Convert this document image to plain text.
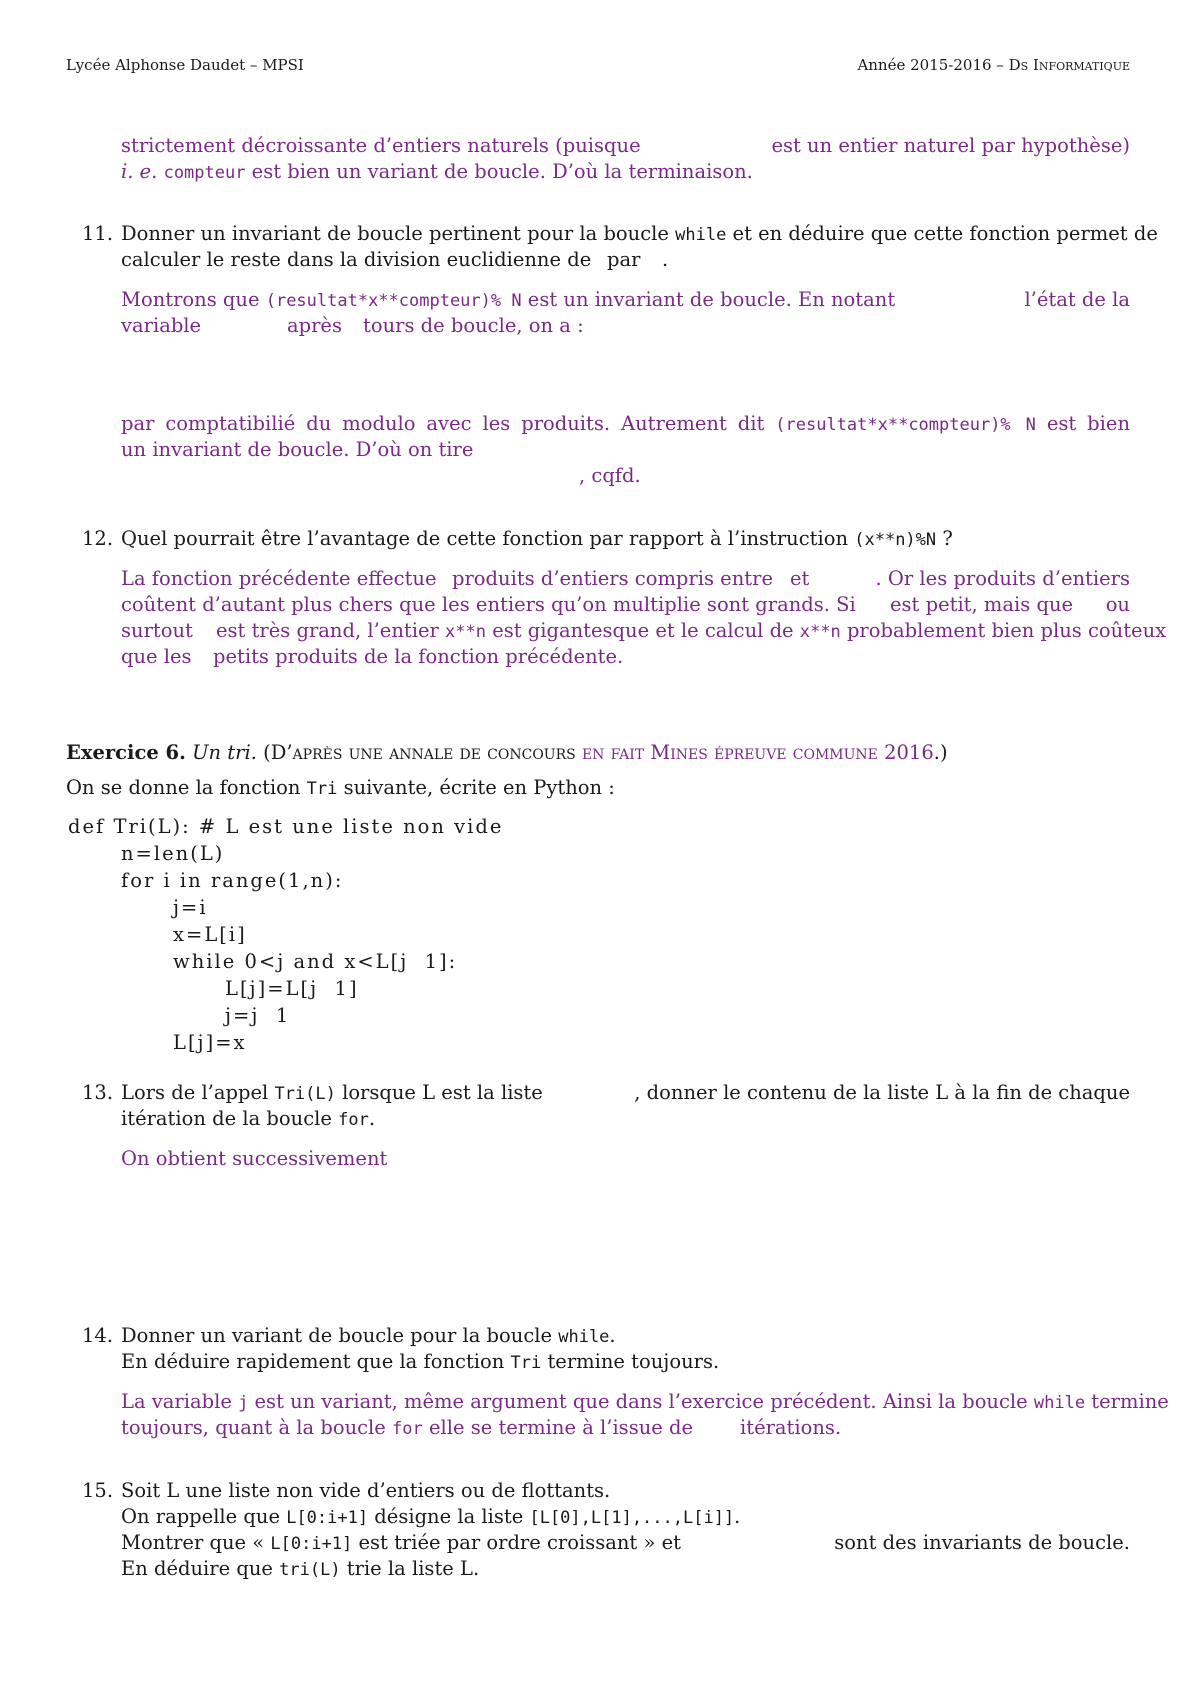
Lycée Alphonse Daudet – MPSI	Année 2015-2016 – Ds Informatique
strictement décroissante d’entiers naturels (puisque	est un entier naturel par hypothèse)
i. e. compteur est bien un variant de boucle. D’où la terminaison.
11. Donner un invariant de boucle pertinent pour la boucle while et en déduire que cette fonction permet de
calculer le reste dans la division euclidienne de par .
Montrons que (resultat*x**compteur)% N est un invariant de boucle. En notant	l’état de la
variable	après tours de boucle, on a :
par comptatibilié du modulo avec les produits. Autrement dit (resultat*x**compteur)% N est bien
un invariant de boucle. D’où on tire
, cqfd.
12. Quel pourrait être l’avantage de cette fonction par rapport à l’instruction (x**n)%N ?
La fonction précédente effectue produits d’entiers compris entre et	. Or les produits d’entiers
coûtent d’autant plus chers que les entiers qu’on multiplie sont grands. Si est petit, mais que ou
surtout est très grand, l’entier x**n est gigantesque et le calcul de x**n probablement bien plus coûteux
que les petits produits de la fonction précédente.
Exercice 6. Un tri. (D’après une annale de concours en fait Mines épreuve commune 2016.)
On se donne la fonction Tri suivante, écrite en Python :
def Tri(L): # L est une liste non vide
n=len(L)
for i in range(1,n):
j=i
x=L[i]
while 0<j and x<L[j  1]:
L[j]=L[j  1]
j=j  1
L[j]=x
13. Lors de l’appel Tri(L) lorsque L est la liste	, donner le contenu de la liste L à la fin de chaque
itération de la boucle for.
On obtient successivement
14. Donner un variant de boucle pour la boucle while.
En déduire rapidement que la fonction Tri termine toujours.
La variable j est un variant, même argument que dans l’exercice précédent. Ainsi la boucle while termine
toujours, quant à la boucle for elle se termine à l’issue de itérations.
15. Soit L une liste non vide d’entiers ou de flottants.
On rappelle que L[0:i+1] désigne la liste [L[0],L[1],...,L[i]].
Montrer que « L[0:i+1] est triée par ordre croissant » et	sont des invariants de boucle.
En déduire que tri(L) trie la liste L.
